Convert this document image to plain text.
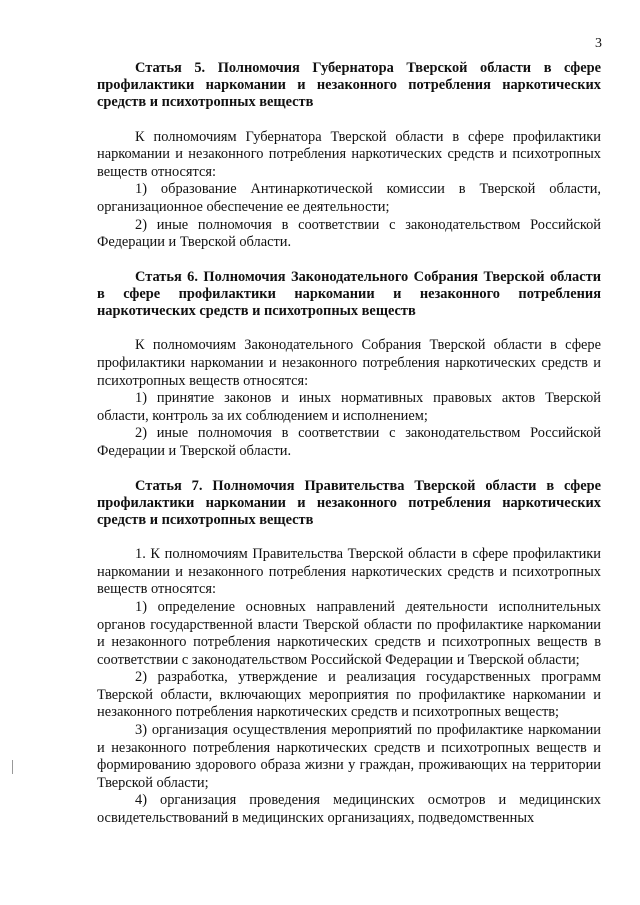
3

Статья 5. Полномочия Губернатора Тверской области в сфере профилактики наркомании и незаконного потребления наркотических средств и психотропных веществ

К полномочиям Губернатора Тверской области в сфере профилактики наркомании и незаконного потребления наркотических средств и психотропных веществ относятся:

1) образование Антинаркотической комиссии в Тверской области, организационное обеспечение ее деятельности;

2) иные полномочия в соответствии с законодательством Российской Федерации и Тверской области.

Статья 6. Полномочия Законодательного Собрания Тверской области в сфере профилактики наркомании и незаконного потребления наркотических средств и психотропных веществ

К полномочиям Законодательного Собрания Тверской области в сфере профилактики наркомании и незаконного потребления наркотических средств и психотропных веществ относятся:

1) принятие законов и иных нормативных правовых актов Тверской области, контроль за их соблюдением и исполнением;

2) иные полномочия в соответствии с законодательством Российской Федерации и Тверской области.

Статья 7. Полномочия Правительства Тверской области в сфере профилактики наркомании и незаконного потребления наркотических средств и психотропных веществ

1. К полномочиям Правительства Тверской области в сфере профилактики наркомании и незаконного потребления наркотических средств и психотропных веществ относятся:

1) определение основных направлений деятельности исполнительных органов государственной власти Тверской области по профилактике наркомании и незаконного потребления наркотических средств и психотропных веществ в соответствии с законодательством Российской Федерации и Тверской области;

2) разработка, утверждение и реализация государственных программ Тверской области, включающих мероприятия по профилактике наркомании и незаконного потребления наркотических средств и психотропных веществ;

3) организация осуществления мероприятий по профилактике наркомании и незаконного потребления наркотических средств и психотропных веществ и формированию здорового образа жизни у граждан, проживающих на территории Тверской области;

4) организация проведения медицинских осмотров и медицинских освидетельствований в медицинских организациях, подведомственных
